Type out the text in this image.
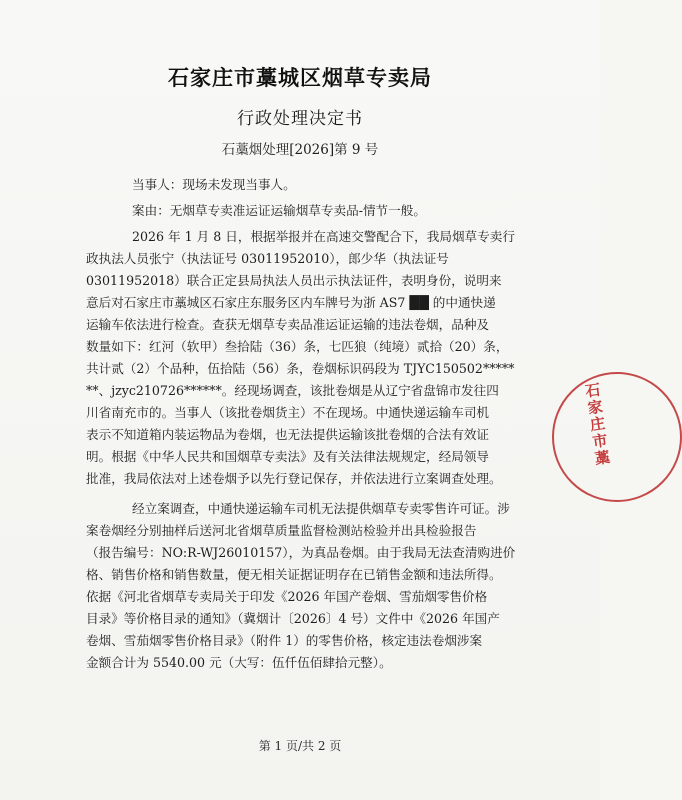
石家庄市藁城区烟草专卖局
行政处理决定书
石藁烟处理[2026]第 9 号
当事人：现场未发现当事人。
案由：无烟草专卖准运证运输烟草专卖品-情节一般。
2026 年 1 月 8 日，根据举报并在高速交警配合下，我局烟草专卖行
政执法人员张宁（执法证号 03011952010），郎少华（执法证号
03011952018）联合正定县局执法人员出示执法证件，表明身份，说明来
意后对石家庄市藁城区石家庄东服务区内车牌号为浙 AS7 ██ 的中通快递
运输车依法进行检查。查获无烟草专卖品准运证运输的违法卷烟，品种及
数量如下：红河（软甲）叁拾陆（36）条，七匹狼（纯境）贰拾（20）条，
共计贰（2）个品种，伍拾陆（56）条，卷烟标识码段为 TJYC150502*****
**、jzyc210726******。经现场调查，该批卷烟是从辽宁省盘锦市发往四
川省南充市的。当事人（该批卷烟货主）不在现场。中通快递运输车司机
表示不知道箱内装运物品为卷烟，也无法提供运输该批卷烟的合法有效证
明。根据《中华人民共和国烟草专卖法》及有关法律法规规定，经局领导
批准，我局依法对上述卷烟予以先行登记保存，并依法进行立案调查处理。
经立案调查，中通快递运输车司机无法提供烟草专卖零售许可证。涉
案卷烟经分别抽样后送河北省烟草质量监督检测站检验并出具检验报告
（报告编号：NO:R-WJ26010157），为真品卷烟。由于我局无法查清购进价
格、销售价格和销售数量，便无相关证据证明存在已销售金额和违法所得。
依据《河北省烟草专卖局关于印发《2026 年国产卷烟、雪茄烟零售价格
目录》等价格目录的通知》（冀烟计〔2026〕4 号）文件中《2026 年国产
卷烟、雪茄烟零售价格目录》（附件 1）的零售价格，核定违法卷烟涉案
金额合计为 5540.00 元（大写：伍仟伍佰肆拾元整）。
石家庄市藁
第 1 页/共 2 页
